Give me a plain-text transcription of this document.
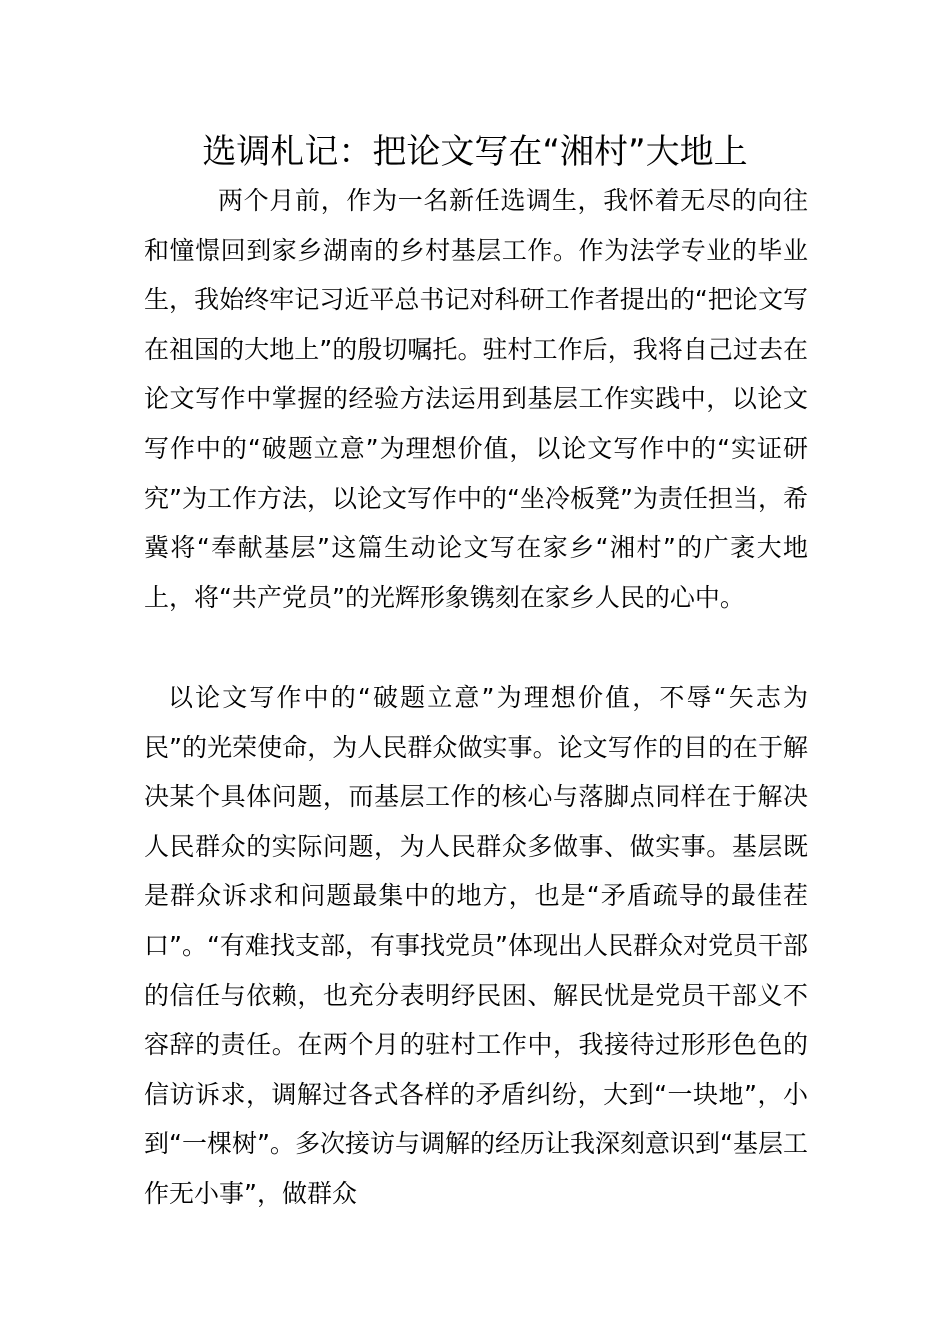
选调札记：把论文写在“湘村”大地上

两个月前，作为一名新任选调生，我怀着无尽的向往和憧憬回到家乡湖南的乡村基层工作。作为法学专业的毕业生，我始终牢记习近平总书记对科研工作者提出的“把论文写在祖国的大地上”的殷切嘱托。驻村工作后，我将自己过去在论文写作中掌握的经验方法运用到基层工作实践中，以论文写作中的“破题立意”为理想价值，以论文写作中的“实证研究”为工作方法，以论文写作中的“坐冷板凳”为责任担当，希冀将“奉献基层”这篇生动论文写在家乡“湘村”的广袤大地上，将“共产党员”的光辉形象镌刻在家乡人民的心中。

以论文写作中的“破题立意”为理想价值，不辱“矢志为民”的光荣使命，为人民群众做实事。论文写作的目的在于解决某个具体问题，而基层工作的核心与落脚点同样在于解决人民群众的实际问题，为人民群众多做事、做实事。基层既是群众诉求和问题最集中的地方，也是“矛盾疏导的最佳茬口”。“有难找支部，有事找党员”体现出人民群众对党员干部的信任与依赖，也充分表明纾民困、解民忧是党员干部义不容辞的责任。在两个月的驻村工作中，我接待过形形色色的信访诉求，调解过各式各样的矛盾纠纷，大到“一块地”，小到“一棵树”。多次接访与调解的经历让我深刻意识到“基层工作无小事”，做群众
